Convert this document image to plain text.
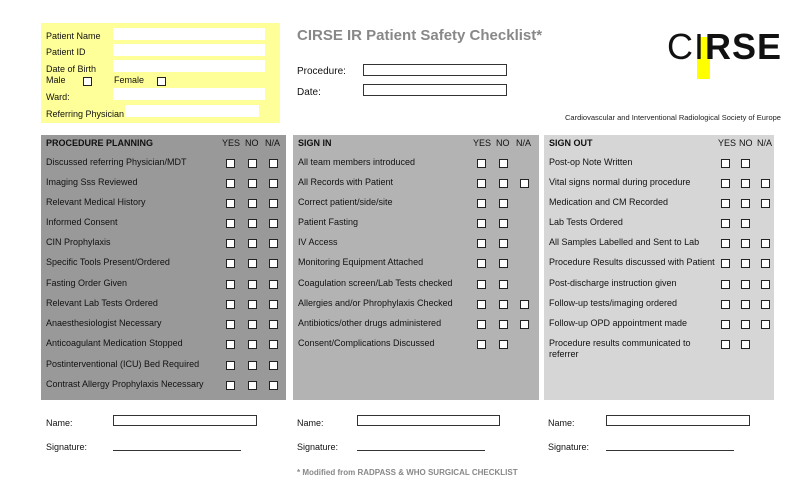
Patient Name
Patient ID
Date of Birth
Male	Female
Ward:
Referring Physician
CIRSE IR Patient Safety Checklist*
Procedure:
Date:
CIRSE
Cardiovascular and Interventional Radiological Society of Europe
PROCEDURE PLANNING	YES NO N/A
Discussed referring Physician/MDT
Imaging Sss Reviewed
Relevant Medical History
Informed Consent
CIN Prophylaxis
Specific Tools Present/Ordered
Fasting Order Given
Relevant Lab Tests Ordered
Anaesthesiologist Necessary
Anticoagulant Medication Stopped
Postinterventional (ICU) Bed Required
Contrast Allergy Prophylaxis Necessary
SIGN IN	YES NO N/A
All team members introduced
All Records with Patient
Correct patient/side/site
Patient Fasting
IV Access
Monitoring Equipment Attached
Coagulation screen/Lab Tests checked
Allergies and/or Phrophylaxis Checked
Antibiotics/other drugs administered
Consent/Complications Discussed
SIGN OUT	YES NO N/A
Post-op Note Written
Vital signs normal during procedure
Medication and CM Recorded
Lab Tests Ordered
All Samples Labelled and Sent to Lab
Procedure Results discussed with Patient
Post-discharge instruction given
Follow-up tests/imaging ordered
Follow-up OPD appointment made
Procedure results communicated to
referrer
Name:
Signature:
Name:
Signature:
Name:
Signature:
* Modified from RADPASS & WHO SURGICAL CHECKLIST
